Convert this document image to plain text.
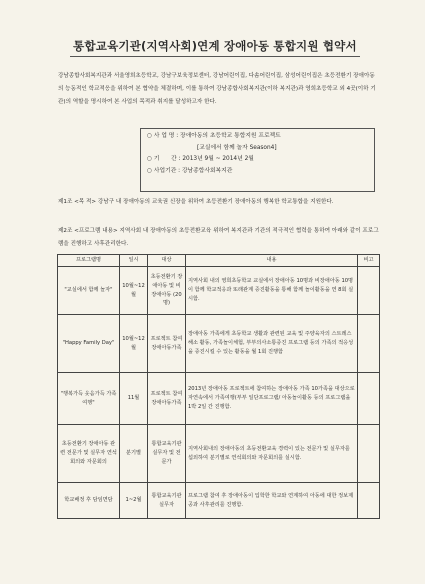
통합교육기관(지역사회)연계 장애아동 통합지원 협약서
강남종합사회복지관과 서울영희초등학교, 강남구보육정보센터, 강남어린이집, 다솜어린이집, 삼성어린이집은 초등전환기 장애아동의 능동적인 학교적응을 위하여 본 협약을 체결하며, 이를 통하여 강남종합사회복지관(이하 복지관)과 영희초등학교 외 4곳(이하 기관)의 역할을 명시하여 본 사업의 목적과 취지를 달성하고자 한다.
○ 사 업 명 : 장애아동의 초등학교 통합지원 프로젝트
[교실에서 함께 놀자 Season4]
○ 기　　간 : 2013년 9월 ~ 2014년 2월
○ 사업기관 : 강남종합사회복지관
제1조 <목 적> 강남구 내 장애아동의 교육권 신장을 위하여 초등전환기 장애아동의 행복한 학교통합을 지원한다.
제2조 <프로그램 내용> 지역사회 내 장애아동의 초등전환교육 위하여 복지관과 기관의 적극적인 협력을 통하여 아래와 같이 프로그램을 진행하고 사후관리한다.
프로그램명	일시	대상	내용	비고
"교실에서 함께 놀자"	10월~12월	초등전환기 장애아동 및 비장애아동 (20명)	지역사회 내의 영희초등학교 교실에서 장애아동 10명과 비장애아동 10명이 함께 학교적응과 또래관계 증진활동을 통해 함께 놀이활동을 연 8회 실시함.	
"Happy Family Day"	10월~12월	프로젝트 참여 장애아동가족	장애아동 가족에게 초등학교 생활과 관련된 교육 및 주양육자의 스트레스 해소 활동, 가족놀이체험, 부부의사소통증진 프로그램 등의 가족의 적응성을 증진시킬 수 있는 활동을 월 1회 진행함	
"행복가득 웃음가득 가족여행"	11월	프로젝트 참여 장애아동가족	2013년 장애아동 프로젝트에 참여하는 장애아동 가족 10가족을 대상으로 자연속에서 가족여행(부부 일단프로그램/ 아동놀이활동 등의 프로그램을 1박 2일 간 진행함.	
초등전환기 장애아동 관련 전문가 및 실무자 연석회의와 자문회의	분기별	통합교육기관 실무자 및 전문가	지역사회내의 장애아동의 초등전환교육 경력이 있는 전문가 및 실무자를 섭외하여 분기별로 연석회의와 자문회의를 실시함.	
학교배정 후 담임면담	1~2월	통합교육기관 실무자	프로그램 참여 후 장애아동이 입학한 학교와 연계하여 아동에 대한 정보제공과 사후관리를 진행함.	
